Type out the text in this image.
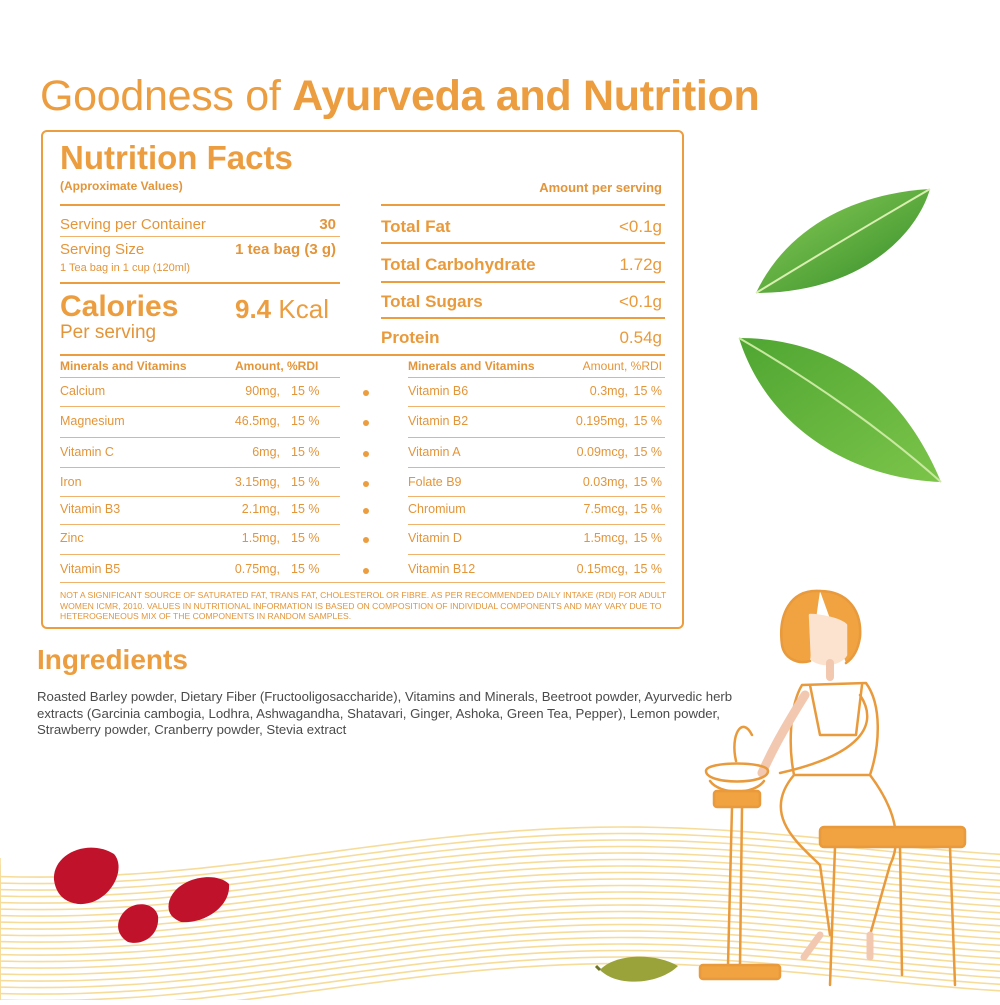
Goodness of Ayurveda and Nutrition
Nutrition Facts
(Approximate Values)	Amount per serving
Serving per Container	30
Serving Size	1 tea bag (3 g)
1 Tea bag in 1 cup (120ml)
Calories 9.4 Kcal
Per serving
Total Fat	<0.1g
Total Carbohydrate	1.72g
Total Sugars	<0.1g
Protein	0.54g
Minerals and Vitamins	Amount, %RDI	Minerals and Vitamins	Amount, %RDI
Calcium	90mg, 15 %
Magnesium	46.5mg, 15 %
Vitamin C	6mg, 15 %
Iron	3.15mg, 15 %
Vitamin B3	2.1mg, 15 %
Zinc	1.5mg, 15 %
Vitamin B5	0.75mg, 15 %
Vitamin B6	0.3mg, 15 %
Vitamin B2	0.195mg, 15 %
Vitamin A	0.09mcg, 15 %
Folate B9	0.03mg, 15 %
Chromium	7.5mcg, 15 %
Vitamin D	1.5mcg, 15 %
Vitamin B12	0.15mcg, 15 %
NOT A SIGNIFICANT SOURCE OF SATURATED FAT, TRANS FAT, CHOLESTEROL OR FIBRE. AS PER RECOMMENDED DAILY INTAKE (RDI) FOR ADULT WOMEN ICMR, 2010. VALUES IN NUTRITIONAL INFORMATION IS BASED ON COMPOSITION OF INDIVIDUAL COMPONENTS AND MAY VARY DUE TO HETEROGENEOUS MIX OF THE COMPONENTS IN RANDOM SAMPLES.
Ingredients
Roasted Barley powder, Dietary Fiber (Fructooligosaccharide), Vitamins and Minerals, Beetroot powder, Ayurvedic herb extracts (Garcinia cambogia, Lodhra, Ashwagandha, Shatavari, Ginger, Ashoka, Green Tea, Pepper), Lemon powder, Strawberry powder, Cranberry powder, Stevia extract
